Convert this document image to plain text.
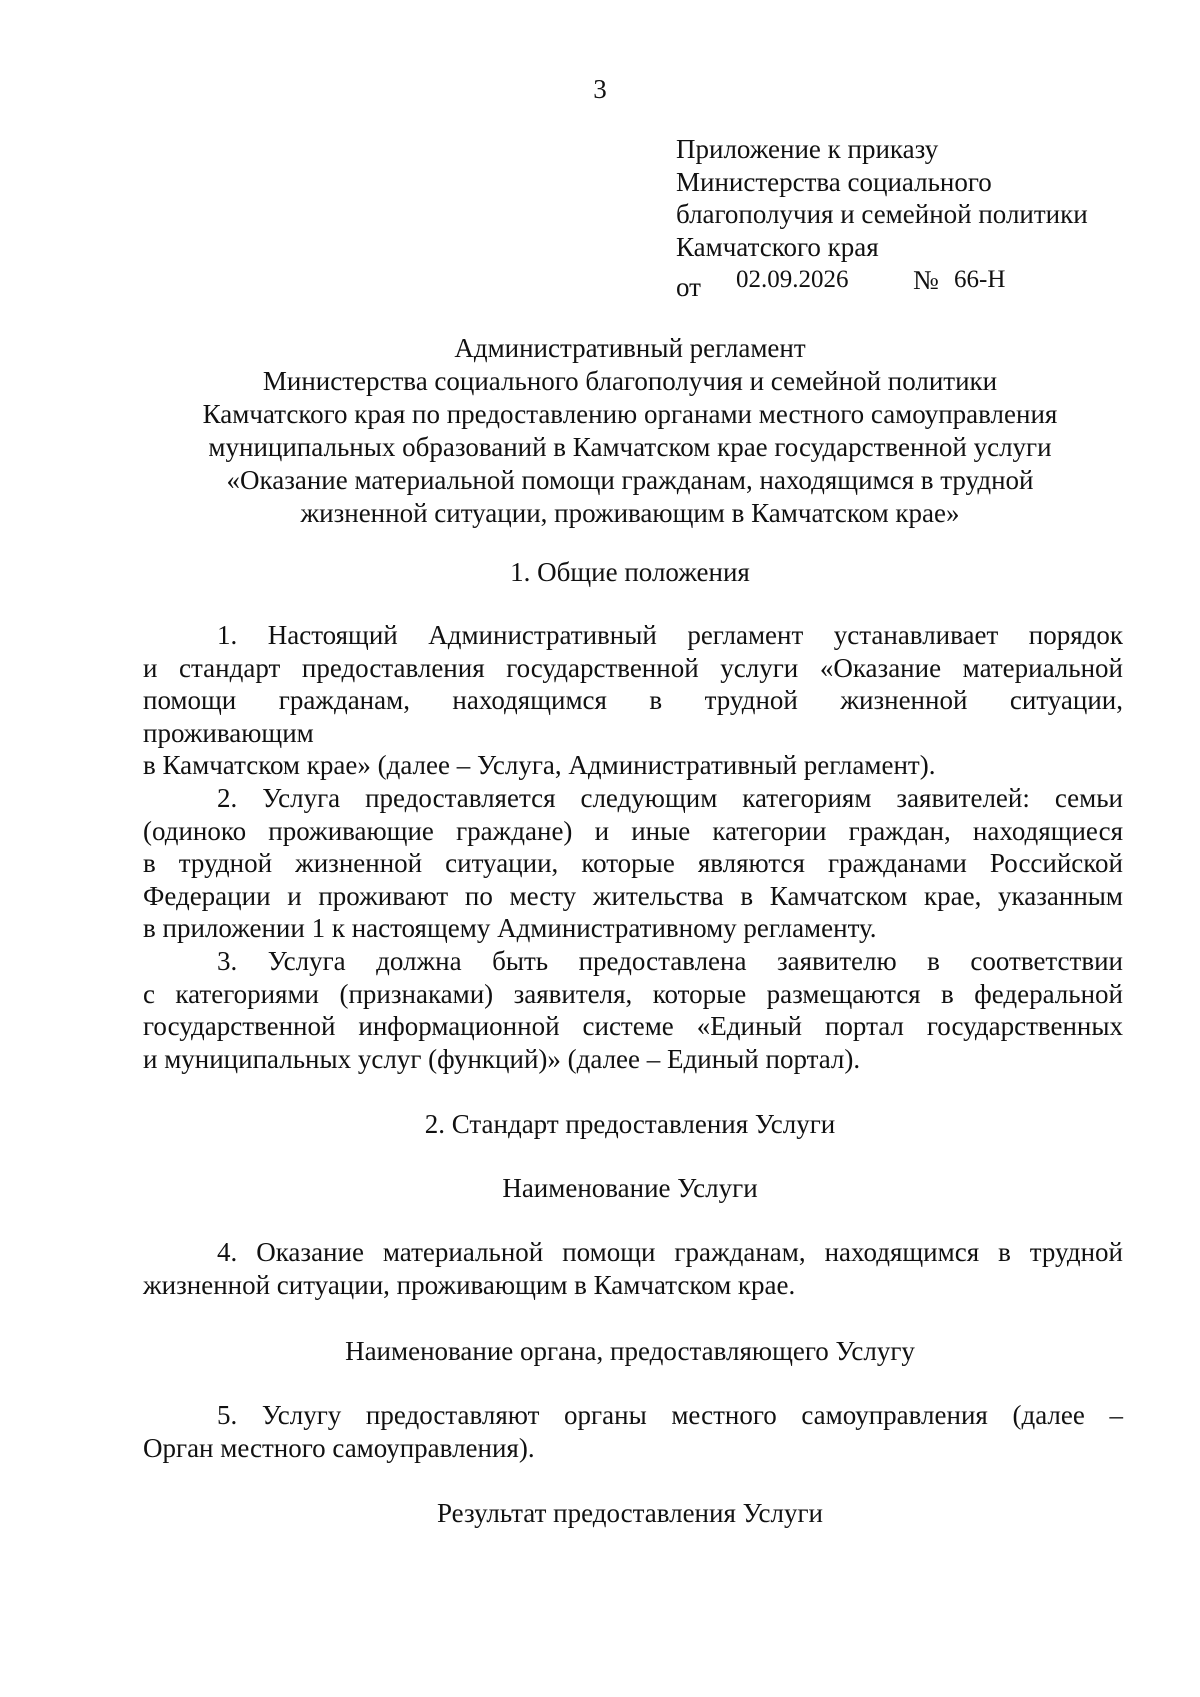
3
Приложение к приказу
Министерства социального
благополучия и семейной политики
Камчатского края
от 02.09.2026 № 66-Н
Административный регламент
Министерства социального благополучия и семейной политики
Камчатского края по предоставлению органами местного самоуправления
муниципальных образований в Камчатском крае государственной услуги
«Оказание материальной помощи гражданам, находящимся в трудной
жизненной ситуации, проживающим в Камчатском крае»
1. Общие положения
1. Настоящий Административный регламент устанавливает порядок
и стандарт предоставления государственной услуги «Оказание материальной
помощи гражданам, находящимся в трудной жизненной ситуации,
проживающим
в Камчатском крае» (далее – Услуга, Административный регламент).
2. Услуга предоставляется следующим категориям заявителей: семьи
(одиноко проживающие граждане) и иные категории граждан, находящиеся
в трудной жизненной ситуации, которые являются гражданами Российской
Федерации и проживают по месту жительства в Камчатском крае, указанным
в приложении 1 к настоящему Административному регламенту.
3. Услуга должна быть предоставлена заявителю в соответствии
с категориями (признаками) заявителя, которые размещаются в федеральной
государственной информационной системе «Единый портал государственных
и муниципальных услуг (функций)» (далее – Единый портал).
2. Стандарт предоставления Услуги
Наименование Услуги
4. Оказание материальной помощи гражданам, находящимся в трудной
жизненной ситуации, проживающим в Камчатском крае.
Наименование органа, предоставляющего Услугу
5. Услугу предоставляют органы местного самоуправления (далее –
Орган местного самоуправления).
Результат предоставления Услуги
